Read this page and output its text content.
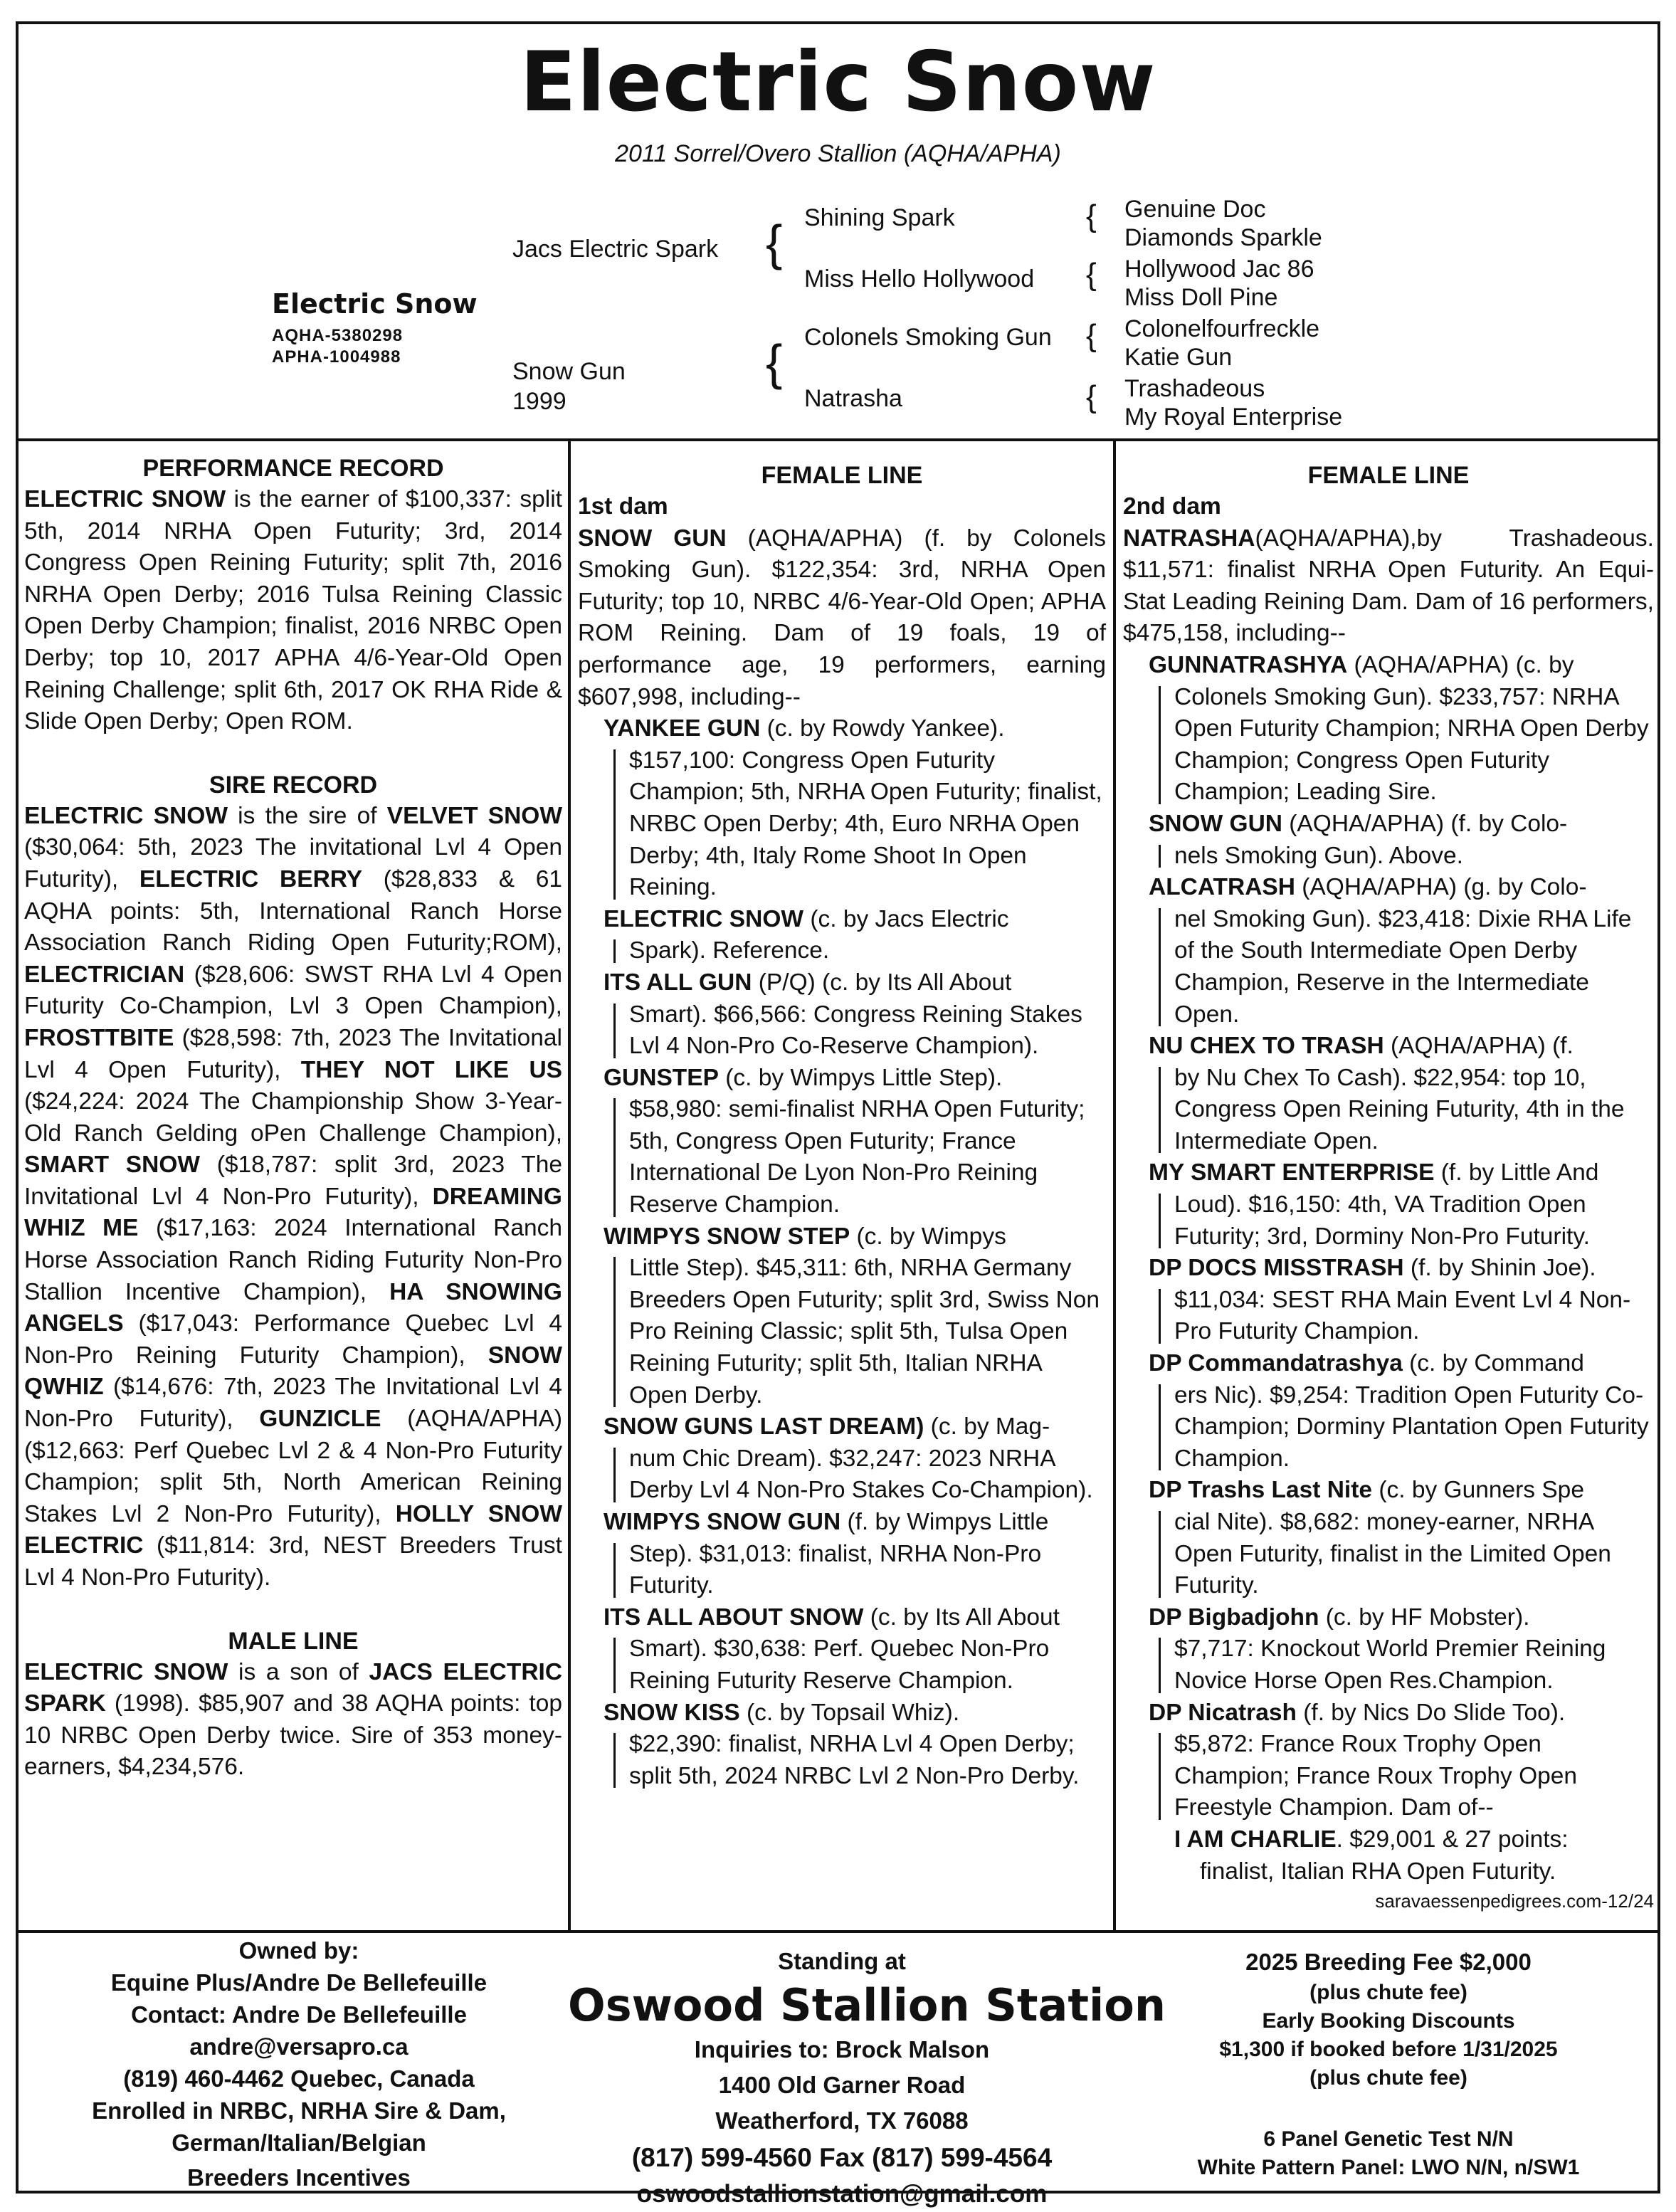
Electric Snow
2011 Sorrel/Overo Stallion (AQHA/APHA)
Electric Snow
AQHA-5380298
APHA-1004988
Jacs Electric Spark
Snow Gun
1999
{
{
Shining Spark
Miss Hello Hollywood
Colonels Smoking Gun
Natrasha
{
{
{
{
Genuine Doc
Diamonds Sparkle
Hollywood Jac 86
Miss Doll Pine
Colonelfourfreckle
Katie Gun
Trashadeous
My Royal Enterprise
PERFORMANCE RECORD

ELECTRIC SNOW is the earner of $100,337: split 5th, 2014 NRHA Open Futurity; 3rd, 2014 Congress Open Reining Futurity; split 7th, 2016 NRHA Open Derby; 2016 Tulsa Reining Classic Open Derby Champion; finalist, 2016 NRBC Open Derby; top 10, 2017 APHA 4/6-Year-Old Open Reining Challenge; split 6th, 2017 OK RHA Ride & Slide Open Derby; Open ROM.

SIRE RECORD

ELECTRIC SNOW is the sire of VELVET SNOW ($30,064: 5th, 2023 The invitational Lvl 4 Open Futurity), ELECTRIC BERRY ($28,833 & 61 AQHA points: 5th, International Ranch Horse Association Ranch Riding Open Futurity;ROM), ELECTRICIAN ($28,606: SWST RHA Lvl 4 Open Futurity Co-Champion, Lvl 3 Open Champion), FROSTTBITE ($28,598: 7th, 2023 The Invitational Lvl 4 Open Futurity), THEY NOT LIKE US ($24,224: 2024 The Championship Show 3-Year-Old Ranch Gelding oPen Challenge Champion), SMART SNOW ($18,787: split 3rd, 2023 The Invitational Lvl 4 Non-Pro Futurity), DREAMING WHIZ ME ($17,163: 2024 International Ranch Horse Association Ranch Riding Futurity Non-Pro Stallion Incentive Champion), HA SNOWING ANGELS ($17,043: Performance Quebec Lvl 4 Non-Pro Reining Futurity Champion), SNOW QWHIZ ($14,676: 7th, 2023 The Invitational Lvl 4 Non-Pro Futurity), GUNZICLE (AQHA/APHA) ($12,663: Perf Quebec Lvl 2 & 4 Non-Pro Futurity Champion; split 5th, North American Reining Stakes Lvl 2 Non-Pro Futurity), HOLLY SNOW ELECTRIC ($11,814: 3rd, NEST Breeders Trust Lvl 4 Non-Pro Futurity).

MALE LINE

ELECTRIC SNOW is a son of JACS ELECTRIC SPARK (1998). $85,907 and 38 AQHA points: top 10 NRBC Open Derby twice. Sire of 353 money-earners, $4,234,576.

FEMALE LINE
1st dam

SNOW GUN (AQHA/APHA) (f. by Colonels Smoking Gun). $122,354: 3rd, NRHA Open Futurity; top 10, NRBC 4/6-Year-Old Open; APHA ROM Reining. Dam of 19 foals, 19 of performance age, 19 performers, earning $607,998, including--

YANKEE GUN (c. by Rowdy Yankee).
$157,100: Congress Open Futurity Champion; 5th, NRHA Open Futurity; finalist, NRBC Open Derby; 4th, Euro NRHA Open Derby; 4th, Italy Rome Shoot In Open Reining.
ELECTRIC SNOW (c. by Jacs Electric
Spark). Reference.
ITS ALL GUN (P/Q) (c. by Its All About
Smart). $66,566: Congress Reining Stakes Lvl 4 Non-Pro Co-Reserve Champion).
GUNSTEP (c. by Wimpys Little Step).
$58,980: semi-finalist NRHA Open Futurity; 5th, Congress Open Futurity; France International De Lyon Non-Pro Reining Reserve Champion.
WIMPYS SNOW STEP (c. by Wimpys
Little Step). $45,311: 6th, NRHA Germany Breeders Open Futurity; split 3rd, Swiss Non Pro Reining Classic; split 5th, Tulsa Open Reining Futurity; split 5th, Italian NRHA Open Derby.
SNOW GUNS LAST DREAM) (c. by Mag-
num Chic Dream). $32,247: 2023 NRHA Derby Lvl 4 Non-Pro Stakes Co-Champion).
WIMPYS SNOW GUN (f. by Wimpys Little
Step). $31,013: finalist, NRHA Non-Pro Futurity.
ITS ALL ABOUT SNOW (c. by Its All About
Smart). $30,638: Perf. Quebec Non-Pro Reining Futurity Reserve Champion.
SNOW KISS (c. by Topsail Whiz).
$22,390: finalist, NRHA Lvl 4 Open Derby; split 5th, 2024 NRBC Lvl 2 Non-Pro Derby.
FEMALE LINE
2nd dam

NATRASHA(AQHA/APHA),by Trashadeous. $11,571: finalist NRHA Open Futurity. An Equi-Stat Leading Reining Dam. Dam of 16 performers, $475,158, including--

GUNNATRASHYA (AQHA/APHA) (c. by
Colonels Smoking Gun). $233,757: NRHA Open Futurity Champion; NRHA Open Derby Champion; Congress Open Futurity Champion; Leading Sire.
SNOW GUN (AQHA/APHA) (f. by Colo-
nels Smoking Gun). Above.
ALCATRASH (AQHA/APHA) (g. by Colo-
nel Smoking Gun). $23,418: Dixie RHA Life of the South Intermediate Open Derby Champion, Reserve in the Intermediate Open.
NU CHEX TO TRASH (AQHA/APHA) (f.
by Nu Chex To Cash). $22,954: top 10, Congress Open Reining Futurity, 4th in the Intermediate Open.
MY SMART ENTERPRISE (f. by Little And
Loud). $16,150: 4th, VA Tradition Open Futurity; 3rd, Dorminy Non-Pro Futurity.
DP DOCS MISSTRASH (f. by Shinin Joe).
$11,034: SEST RHA Main Event Lvl 4 Non-Pro Futurity Champion.
DP Commandatrashya (c. by Command
ers Nic). $9,254: Tradition Open Futurity Co-Champion; Dorminy Plantation Open Futurity Champion.
DP Trashs Last Nite (c. by Gunners Spe
cial Nite). $8,682: money-earner, NRHA Open Futurity, finalist in the Limited Open Futurity.
DP Bigbadjohn (c. by HF Mobster).
$7,717: Knockout World Premier Reining Novice Horse Open Res.Champion.
DP Nicatrash (f. by Nics Do Slide Too).
$5,872: France Roux Trophy Open Champion; France Roux Trophy Open Freestyle Champion. Dam of--
I AM CHARLIE. $29,001 & 27 points:
finalist, Italian RHA Open Futurity.
saravaessenpedigrees.com-12/24
Owned by:
Equine Plus/Andre De Bellefeuille
Contact: Andre De Bellefeuille
andre@versapro.ca
(819) 460-4462 Quebec, Canada
Enrolled in NRBC, NRHA Sire & Dam,
German/Italian/Belgian
Breeders Incentives
Standing at
Oswood Stallion Station
Inquiries to: Brock Malson
1400 Old Garner Road
Weatherford, TX 76088
(817) 599-4560 Fax (817) 599-4564
oswoodstallionstation@gmail.com
2025 Breeding Fee $2,000
(plus chute fee)
Early Booking Discounts
$1,300 if booked before 1/31/2025
(plus chute fee)
6 Panel Genetic Test N/N
White Pattern Panel: LWO N/N, n/SW1
